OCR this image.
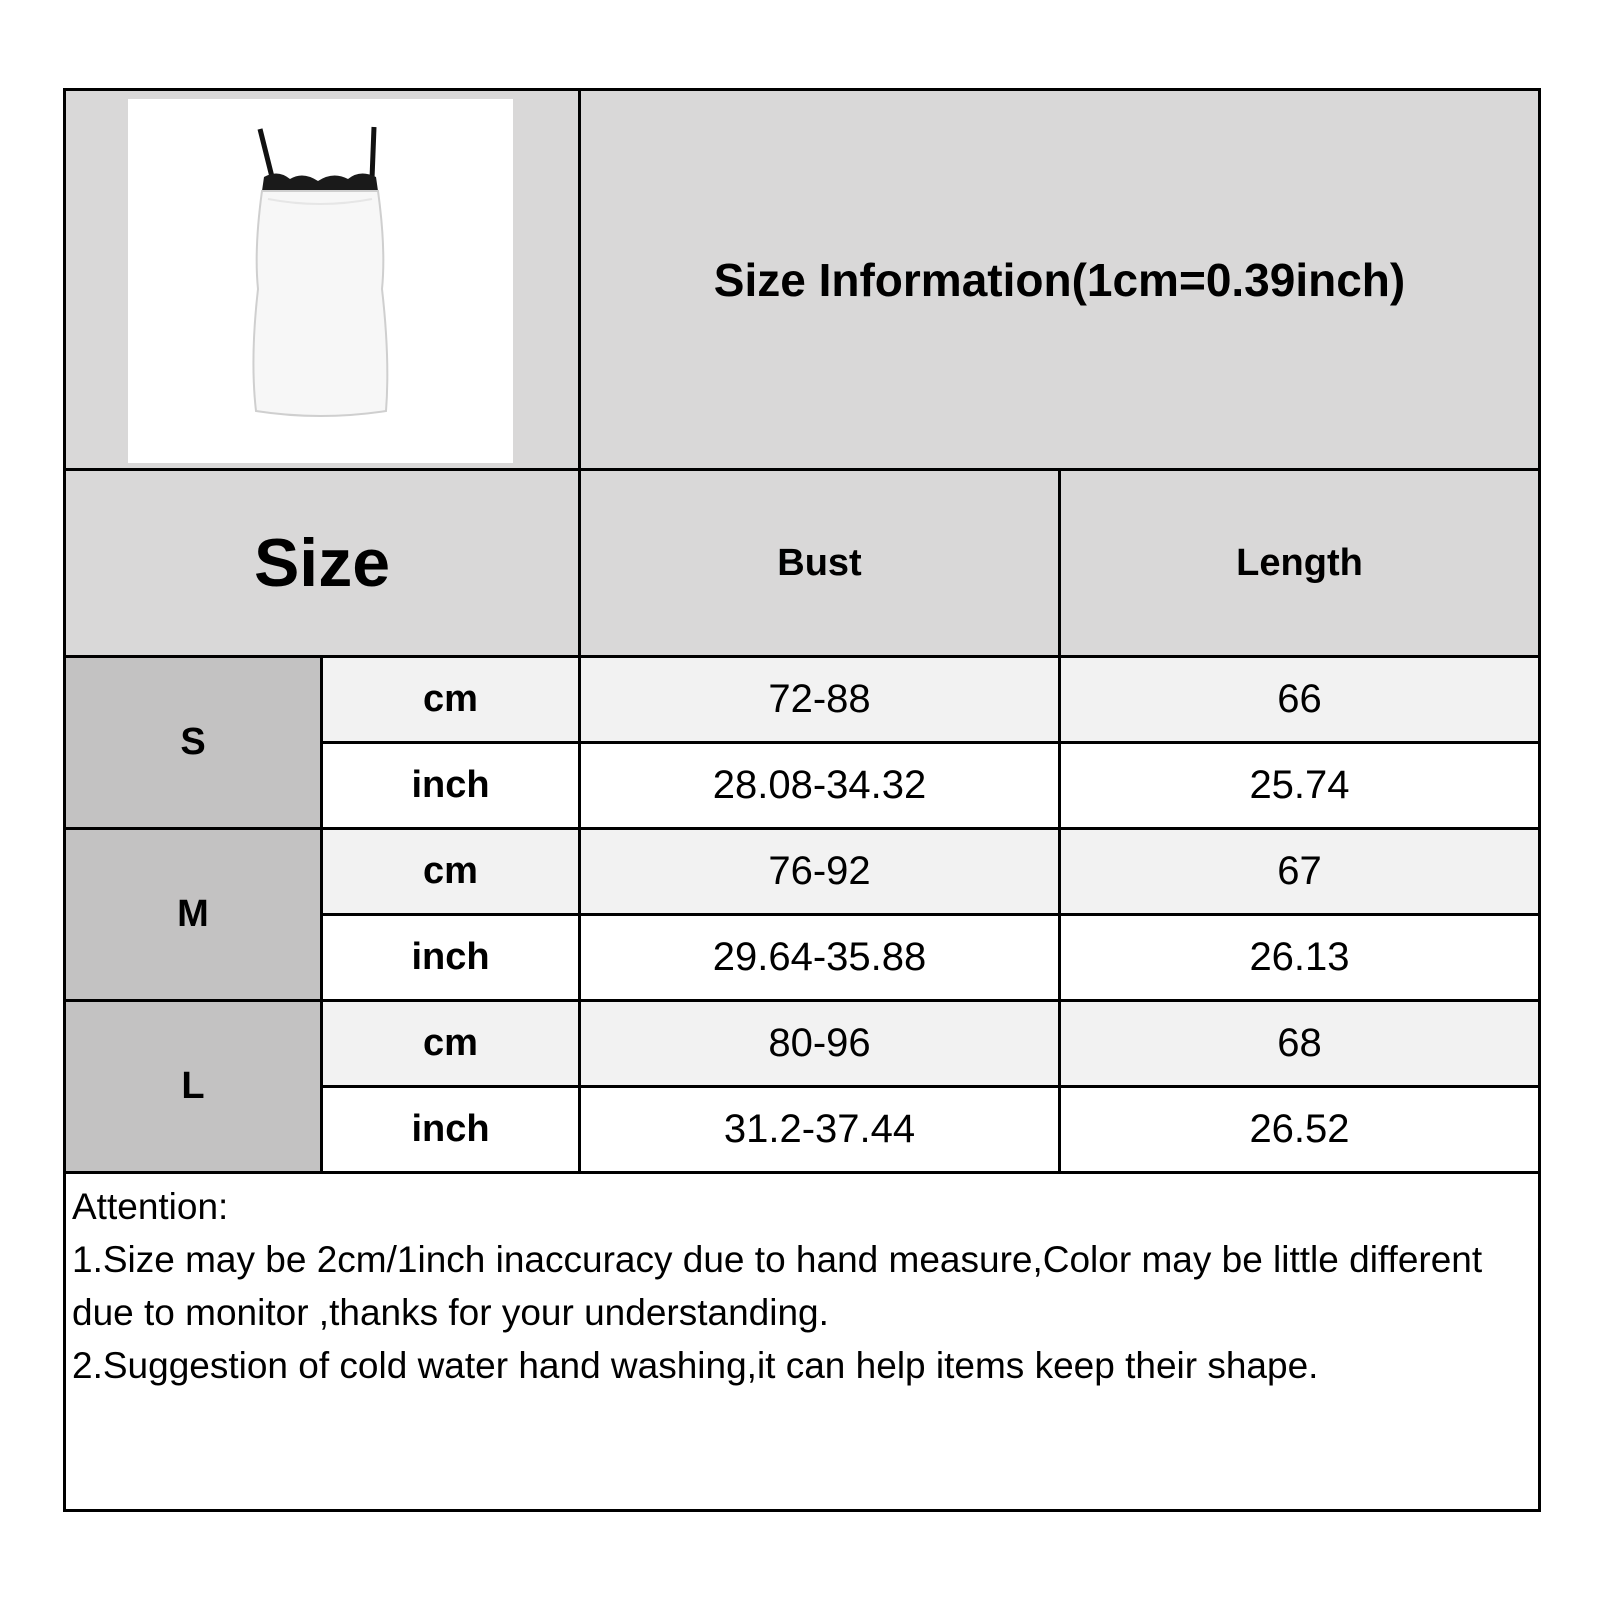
Size Information(1cm=0.39inch)
Size	Bust	Length
S
cm	72-88	66
inch	28.08-34.32	25.74
M
cm	76-92	67
inch	29.64-35.88	26.13
L
cm	80-96	68
inch	31.2-37.44	26.52

Attention:

1.Size may be 2cm/1inch inaccuracy due to hand measure,Color may be little different due to monitor ,thanks for your understanding.

2.Suggestion of cold water hand washing,it can help items keep their shape.
